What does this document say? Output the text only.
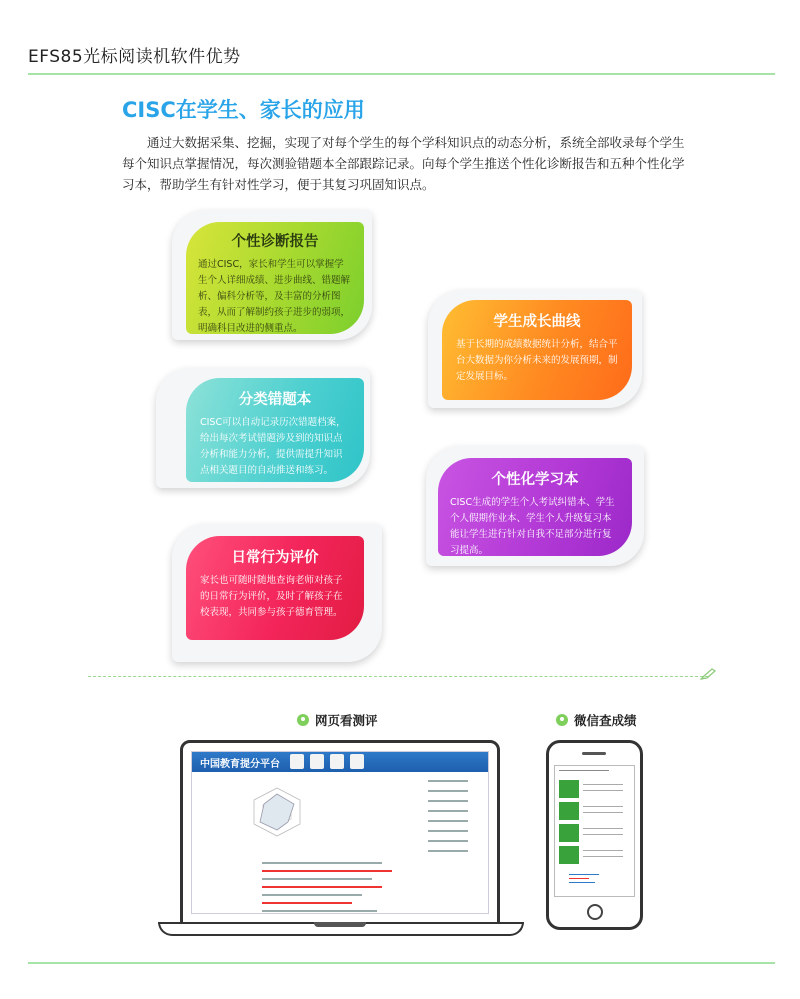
EFS85光标阅读机软件优势
CISC在学生、家长的应用
通过大数据采集、挖掘，实现了对每个学生的每个学科知识点的动态分析，系统全部收录每个学生每个知识点掌握情况，每次测验错题本全部跟踪记录。向每个学生推送个性化诊断报告和五种个性化学习本，帮助学生有针对性学习，便于其复习巩固知识点。
个性诊断报告
通过CISC，家长和学生可以掌握学生个人详细成绩、进步曲线、错题解析、偏科分析等，及丰富的分析图表，从而了解制约孩子进步的弱项，明确科目改进的侧重点。	学生成长曲线
基于长期的成绩数据统计分析，结合平台大数据为你分析未来的发展预期，制定发展目标。
分类错题本
CISC可以自动记录历次错题档案，给出每次考试错题涉及到的知识点分析和能力分析，提供需提升知识点相关题目的自动推送和练习。
个性化学习本
CISC生成的学生个人考试纠错本、学生个人假期作业本、学生个人升级复习本能让学生进行针对自我不足部分进行复习提高。
日常行为评价
家长也可随时随地查询老师对孩子的日常行为评价，及时了解孩子在校表现，共同参与孩子德育管理。
网页看测评	微信查成绩
中国教育提分平台
